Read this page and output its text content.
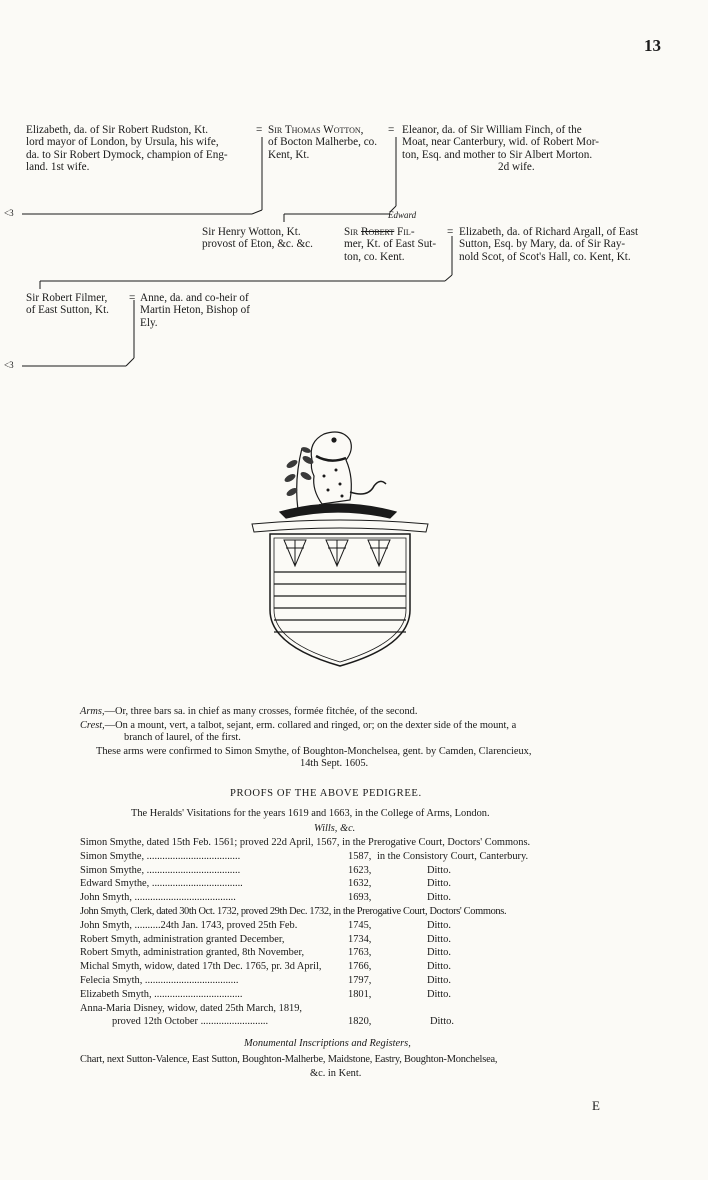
13
<3
<3
Elizabeth, da. of Sir Robert Rudston, Kt.
lord mayor of London, by Ursula, his wife,
da. to Sir Robert Dymock, champion of Eng-
land. 1st wife.
= Sir Thomas Wotton,
of Bocton Malherbe, co.
Kent, Kt.
= Eleanor, da. of Sir William Finch, of the
Moat, near Canterbury, wid. of Robert Mor-
ton, Esq. and mother to Sir Albert Morton.
2d wife.
Sir Henry Wotton, Kt.
provost of Eton, &c. &c.
Edward
Sir Robert Fil-
mer, Kt. of East Sut-
ton, co. Kent.
= Elizabeth, da. of Richard Argall, of East
Sutton, Esq. by Mary, da. of Sir Ray-
nold Scot, of Scot's Hall, co. Kent, Kt.
Sir Robert Filmer,
of East Sutton, Kt.
= Anne, da. and co-heir of
Martin Heton, Bishop of
Ely.
Arms,—Or, three bars sa. in chief as many crosses, formée fitchée, of the second.
Crest,—On a mount, vert, a talbot, sejant, erm. collared and ringed, or; on the dexter side of the mount, a
branch of laurel, of the first.
These arms were confirmed to Simon Smythe, of Boughton-Monchelsea, gent. by Camden, Clarencieux,
14th Sept. 1605.
PROOFS OF THE ABOVE PEDIGREE.
The Heralds' Visitations for the years 1619 and 1663, in the College of Arms, London.
Wills, &c.
Simon Smythe, dated 15th Feb. 1561; proved 22d April, 1567, in the Prerogative Court, Doctors' Commons.
Simon Smythe, ....................................	1587, in the Consistory Court, Canterbury.
Simon Smythe, ....................................	1623,	Ditto.
Edward Smythe, ...................................	1632,	Ditto.
John Smyth, .......................................	1693,	Ditto.
John Smyth, Clerk, dated 30th Oct. 1732, proved 29th Dec. 1732, in the Prerogative Court, Doctors' Commons.
John Smyth, ..........24th Jan. 1743, proved 25th Feb.	1745,	Ditto.
Robert Smyth, administration granted December,	1734,	Ditto.
Robert Smyth, administration granted, 8th November,	1763,	Ditto.
Michal Smyth, widow, dated 17th Dec. 1765, pr. 3d April,	1766,	Ditto.
Felecia Smyth, ....................................	1797,	Ditto.
Elizabeth Smyth, ..................................	1801,	Ditto.
Anna-Maria Disney, widow, dated 25th March, 1819,
proved 12th October ..........................	1820,	Ditto.
Monumental Inscriptions and Registers,
Chart, next Sutton-Valence, East Sutton, Boughton-Malherbe, Maidstone, Eastry, Boughton-Monchelsea,
&c. in Kent.
E
